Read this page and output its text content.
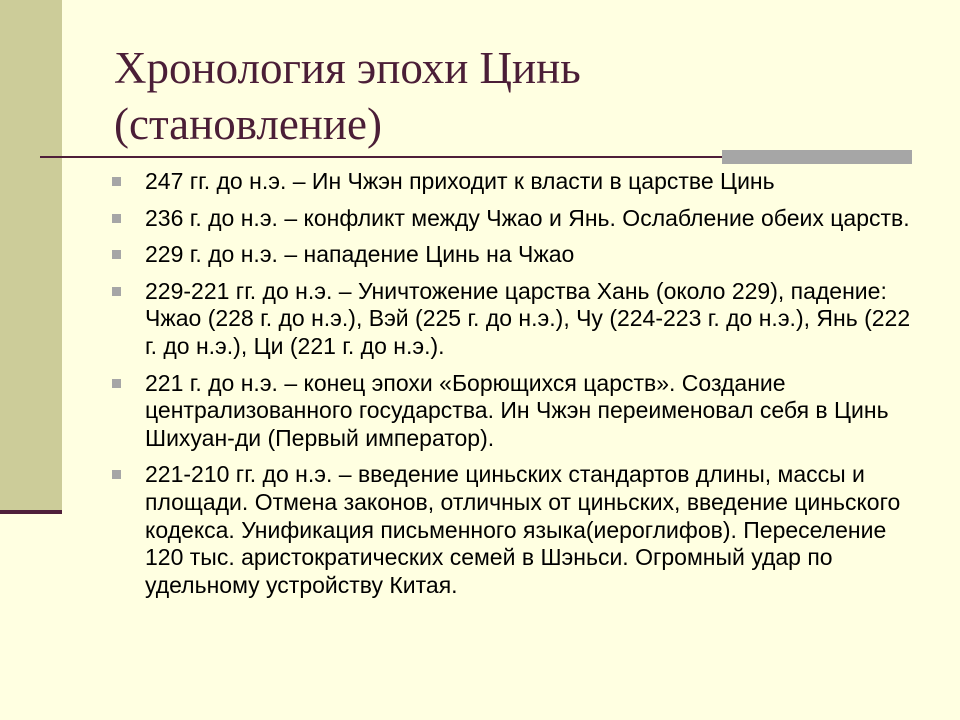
Хронология эпохи Цинь
(становление)
247 гг. до н.э. – Ин Чжэн приходит к власти в царстве Цинь
236 г. до н.э. – конфликт между Чжао и Янь. Ослабление обеих царств.
229 г. до н.э. – нападение Цинь на Чжао
229-221 гг. до н.э. – Уничтожение царства Хань (около 229), падение: Чжао (228 г. до н.э.), Вэй (225 г. до н.э.), Чу (224-223 г. до н.э.), Янь (222 г. до н.э.), Ци (221 г. до н.э.).
221 г. до н.э. – конец эпохи «Борющихся царств». Создание централизованного государства. Ин Чжэн переименовал себя в Цинь Шихуан-ди (Первый император).
221-210 гг. до н.э. – введение циньских стандартов длины, массы и площади. Отмена законов, отличных от циньских, введение циньского кодекса. Унификация письменного языка(иероглифов). Переселение 120 тыс. аристократических семей в Шэньси. Огромный удар по удельному устройству Китая.
